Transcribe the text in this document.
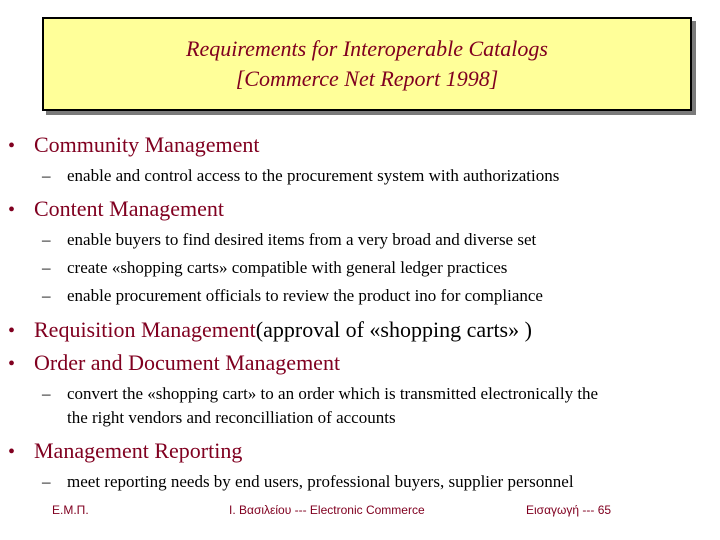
Requirements for Interoperable Catalogs
[Commerce Net Report 1998]
• Community Management
– enable and control access to the procurement system with authorizations
• Content Management
– enable buyers to find desired items from a very broad and diverse set
– create «shopping carts» compatible with general ledger practices
– enable procurement officials to review the product ino for compliance
• Requisition Management (approval of «shopping carts» )
• Order and Document Management
– convert the «shopping cart» to an order which is transmitted electronically the
the right vendors and reconcilliation of accounts
• Management Reporting
– meet reporting needs by end users, professional buyers, supplier personnel
Ε.Μ.Π.	Ι. Βασιλείου --- Electronic Commerce	Εισαγωγή --- 65
